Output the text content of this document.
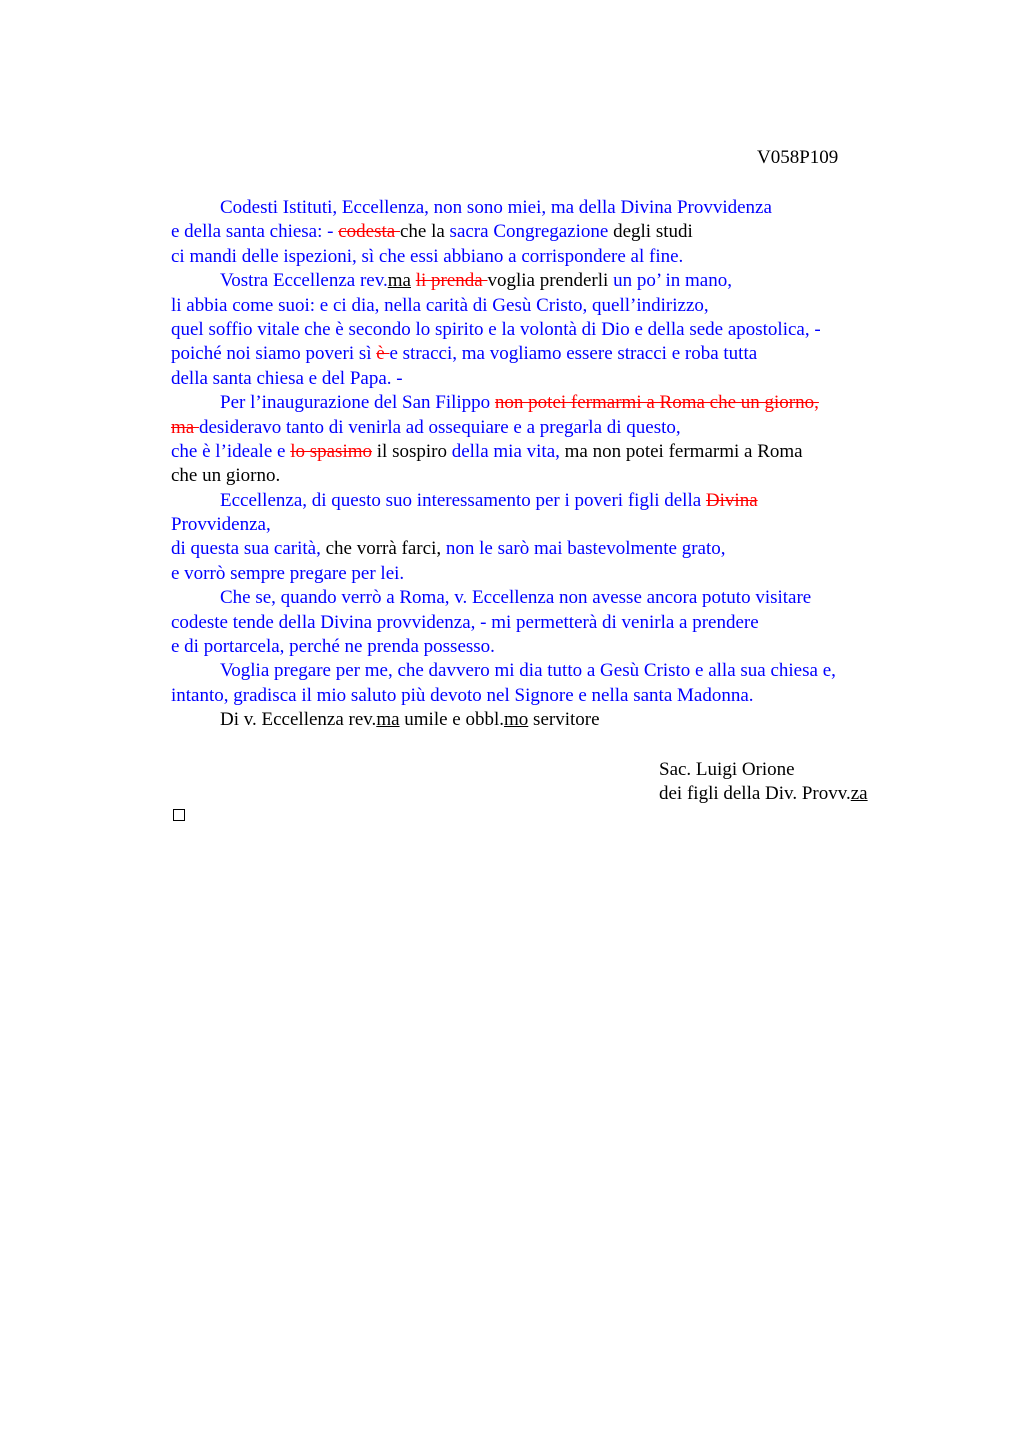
V058P109
Codesti Istituti, Eccellenza, non sono miei, ma della Divina Provvidenza
e della santa chiesa: - codesta che la sacra Congregazione degli studi
ci mandi delle ispezioni, sì che essi abbiano a corrispondere al fine.
Vostra Eccellenza rev.ma li prenda voglia prenderli un po’ in mano,
li abbia come suoi: e ci dia, nella carità di Gesù Cristo, quell’indirizzo,
quel soffio vitale che è secondo lo spirito e la volontà di Dio e della sede apostolica, -
poiché noi siamo poveri sì è e stracci, ma vogliamo essere stracci e roba tutta
della santa chiesa e del Papa. -
Per l’inaugurazione del San Filippo non potei fermarmi a Roma che un giorno,
ma desideravo tanto di venirla ad ossequiare e a pregarla di questo,
che è l’ideale e lo spasimo il sospiro della mia vita, ma non potei fermarmi a Roma
che un giorno.
Eccellenza, di questo suo interessamento per i poveri figli della Divina
Provvidenza,
di questa sua carità, che vorrà farci, non le sarò mai bastevolmente grato,
e vorrò sempre pregare per lei.
Che se, quando verrò a Roma, v. Eccellenza non avesse ancora potuto visitare
codeste tende della Divina provvidenza, - mi permetterà di venirla a prendere
e di portarcela, perché ne prenda possesso.
Voglia pregare per me, che davvero mi dia tutto a Gesù Cristo e alla sua chiesa e,
intanto, gradisca il mio saluto più devoto nel Signore e nella santa Madonna.
Di v. Eccellenza rev.ma umile e obbl.mo servitore
Sac. Luigi Orione
dei figli della Div. Provv.za
